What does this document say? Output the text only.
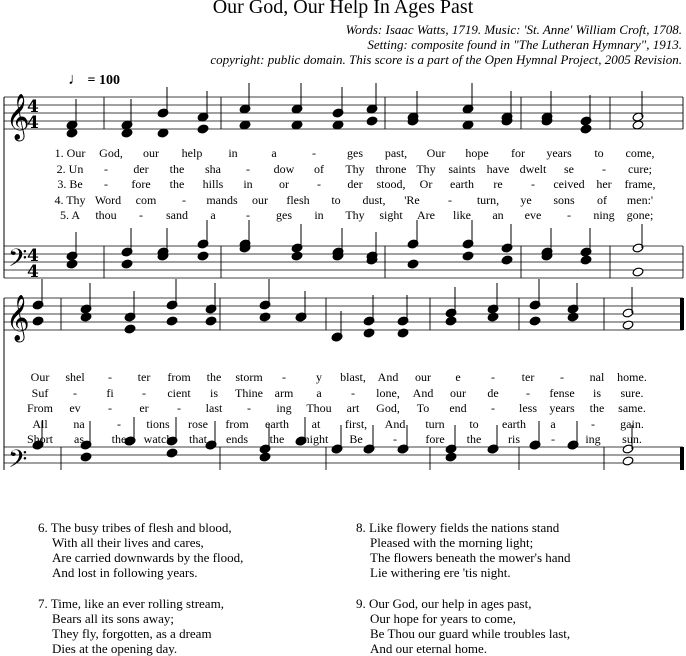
Our God, Our Help In Ages Past
Words: Isaac Watts, 1719. Music: 'St. Anne' William Croft, 1708.
Setting: composite found in "The Lutheran Hymnary", 1913.
copyright: public domain. This score is a part of the Open Hymnal Project, 2005 Revision.
♩ = 100
𝄞
𝄢
𝄞
𝄢
4
4
4
4
1. Our God, our help in	a	-	ges past, Our hope for years to come,
2. Un - der the sha - dow of Thy throne Thy saints have dwelt se - cure;
3. Be - fore the hills in or - der stood, Or earth re - ceived her frame,
4. Thy Word com - mands our flesh to dust, 'Re - turn, ye sons of men:'
5. A thou - sand a	- ges in Thy sight Are like an eve - ning gone;
Our shel - ter from the storm -	y blast, And our e	- ter - nal home.
Suf - fi - cient is Thine arm a - lone, And our de - fense is sure.
From ev - er - last - ing Thou art God, To end - less years the same.
All na	- tions rose from earth at first, And turn to earth a	- gain.
Short as the watch that ends the night Be	- fore the ris	-	ing sun.
6. The busy tribes of flesh and blood,
With all their lives and cares,
Are carried downwards by the flood,
And lost in following years.
7. Time, like an ever rolling stream,
Bears all its sons away;
They fly, forgotten, as a dream
Dies at the opening day.
8. Like flowery fields the nations stand
Pleased with the morning light;
The flowers beneath the mower's hand
Lie withering ere 'tis night.
9. Our God, our help in ages past,
Our hope for years to come,
Be Thou our guard while troubles last,
And our eternal home.
